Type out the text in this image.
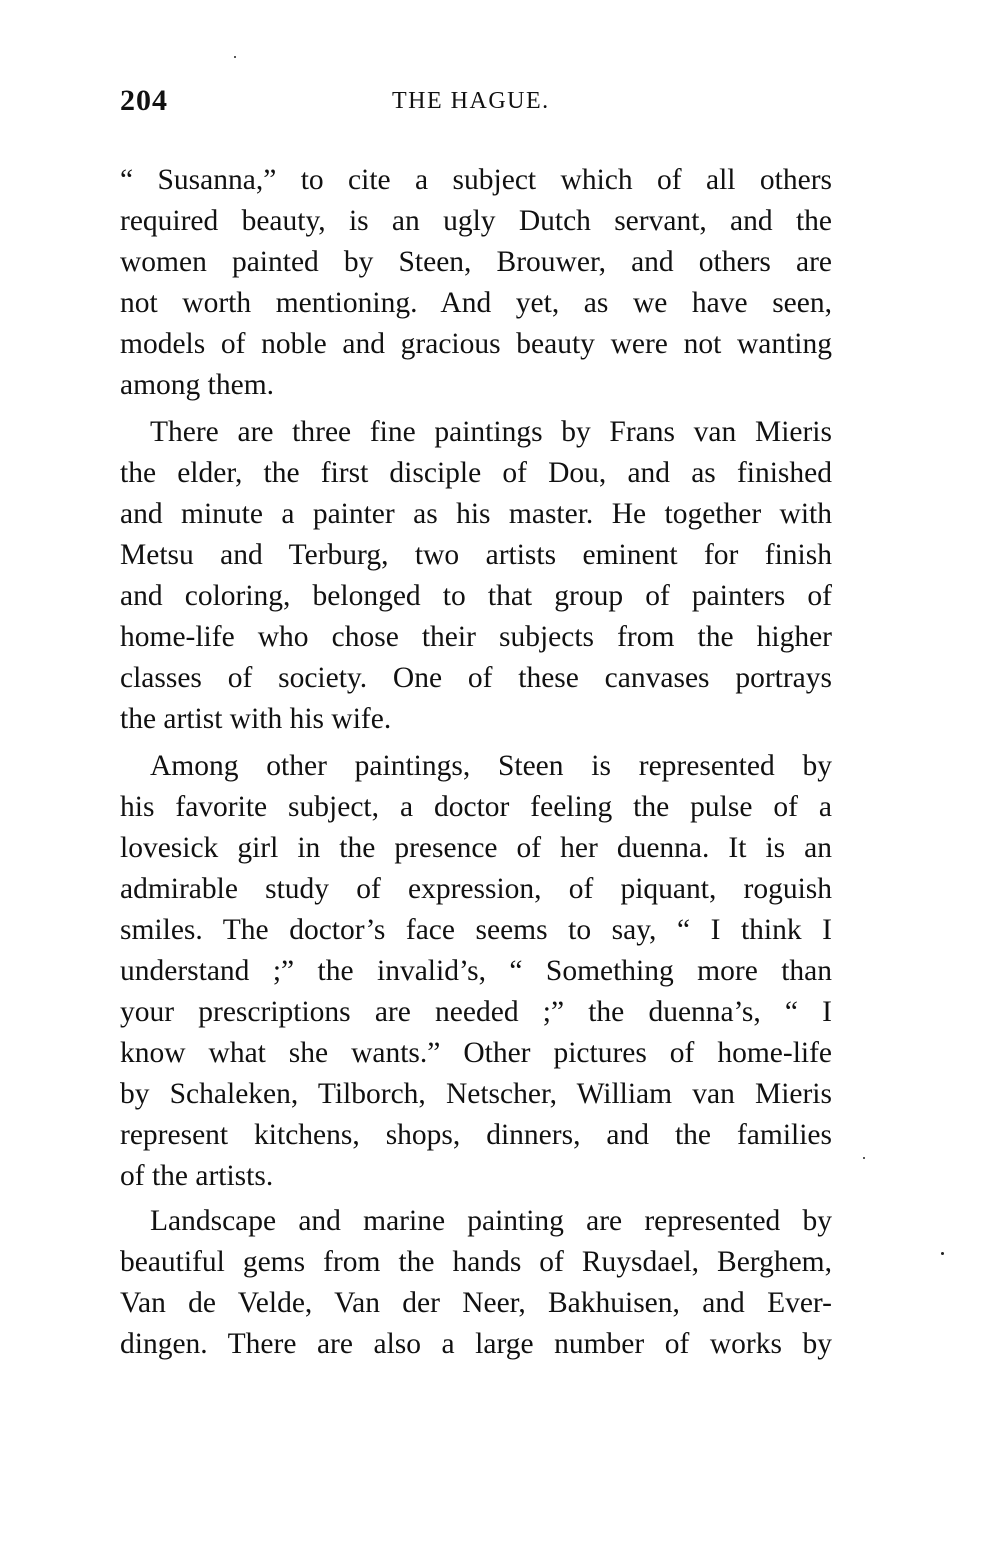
204	THE HAGUE.
“ Susanna,” to cite a subject which of all others
required beauty, is an ugly Dutch servant, and the
women painted by Steen, Brouwer, and others are
not worth mentioning. And yet, as we have seen,
models of noble and gracious beauty were not wanting
among them.
There are three fine paintings by Frans van Mieris
the elder, the first disciple of Dou, and as finished
and minute a painter as his master. He together with
Metsu and Terburg, two artists eminent for finish
and coloring, belonged to that group of painters of
home-life who chose their subjects from the higher
classes of society. One of these canvases portrays
the artist with his wife.
Among other paintings, Steen is represented by
his favorite subject, a doctor feeling the pulse of a
lovesick girl in the presence of her duenna. It is an
admirable study of expression, of piquant, roguish
smiles. The doctor’s face seems to say, “ I think I
understand ;” the invalid’s, “ Something more than
your prescriptions are needed ;” the duenna’s, “ I
know what she wants.” Other pictures of home-life
by Schaleken, Tilborch, Netscher, William van Mieris
represent kitchens, shops, dinners, and the families
of the artists.
Landscape and marine painting are represented by
beautiful gems from the hands of Ruysdael, Berghem,
Van de Velde, Van der Neer, Bakhuisen, and Ever-
dingen. There are also a large number of works by
